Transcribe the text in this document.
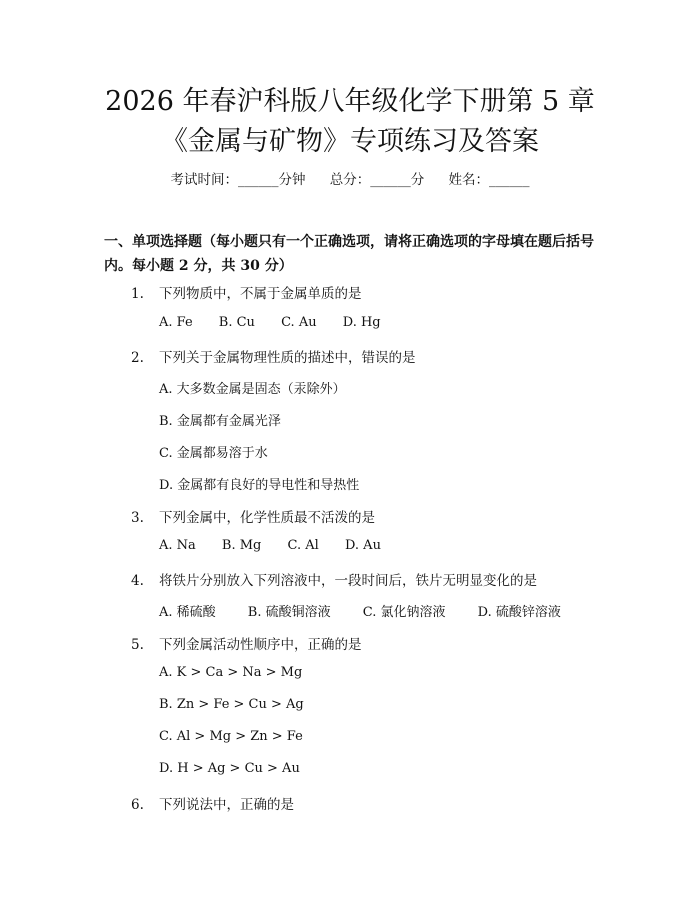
2026 年春沪科版八年级化学下册第 5 章《金属与矿物》专项练习及答案
考试时间：______分钟 总分：______分 姓名：______
一、单项选择题（每小题只有一个正确选项，请将正确选项的字母填在题后括号内。每小题 2 分，共 30 分）
1. 下列物质中，不属于金属单质的是
A. Fe B. Cu C. Au D. Hg
2. 下列关于金属物理性质的描述中，错误的是
A. 大多数金属是固态（汞除外）
B. 金属都有金属光泽
C. 金属都易溶于水
D. 金属都有良好的导电性和导热性
3. 下列金属中，化学性质最不活泼的是
A. Na B. Mg C. Al D. Au
4. 将铁片分别放入下列溶液中，一段时间后，铁片无明显变化的是
A. 稀硫酸 B. 硫酸铜溶液 C. 氯化钠溶液 D. 硫酸锌溶液
5. 下列金属活动性顺序中，正确的是
A. K > Ca > Na > Mg
B. Zn > Fe > Cu > Ag
C. Al > Mg > Zn > Fe
D. H > Ag > Cu > Au
6. 下列说法中，正确的是
